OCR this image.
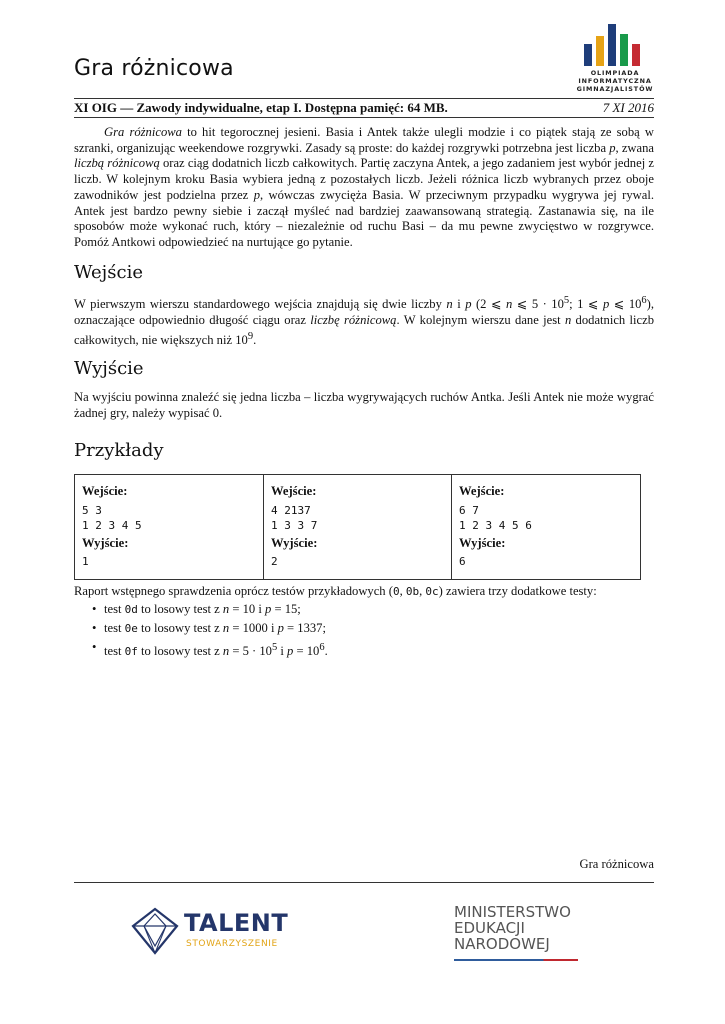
Gra różnicowa	OLIMPIADA
INFORMATYCZNA
GIMNAZJALISTÓW
XI OIG — Zawody indywidualne, etap I. Dostępna pamięć: 64 MB.	7 XI 2016
Gra różnicowa to hit tegorocznej jesieni. Basia i Antek także ulegli modzie i co piątek stają ze sobą w szranki, organizując weekendowe rozgrywki. Zasady są proste: do każdej rozgrywki potrzebna jest liczba p, zwana liczbą różnicową oraz ciąg dodatnich liczb całkowitych. Partię zaczyna Antek, a jego zadaniem jest wybór jednej z liczb. W kolejnym kroku Basia wybiera jedną z pozostałych liczb. Jeżeli różnica liczb wybranych przez oboje zawodników jest podzielna przez p, wówczas zwycięża Basia. W przeciwnym przypadku wygrywa jej rywal. Antek jest bardzo pewny siebie i zaczął myśleć nad bardziej zaawansowaną strategią. Zastanawia się, na ile sposobów może wykonać ruch, który – niezależnie od ruchu Basi – da mu pewne zwycięstwo w rozgrywce. Pomóż Antkowi odpowiedzieć na nurtujące go pytanie.
Wejście
W pierwszym wierszu standardowego wejścia znajdują się dwie liczby n i p (2 ⩽ n ⩽ $5 \cdot 10^5$; 1 ⩽ p ⩽ $10^6$), oznaczające odpowiednio długość ciągu oraz liczbę różnicową. W kolejnym wierszu dane jest n dodatnich liczb całkowitych, nie większych niż $10^9$.
Wyjście
Na wyjściu powinna znaleźć się jedna liczba – liczba wygrywających ruchów Antka. Jeśli Antek nie może wygrać żadnej gry, należy wypisać 0.
Przykłady
Wejście:
5 3
1 2 3 4 5
Wyjście:
1
Wejście:
4 2137
1 3 3 7
Wyjście:
2
Wejście:
6 7
1 2 3 4 5 6
Wyjście:
6
Raport wstępnego sprawdzenia oprócz testów przykładowych (0, 0b, 0c) zawiera trzy dodatkowe testy:
• test 0d to losowy test z n = 10 i p = 15;
• test 0e to losowy test z n = 1000 i p = 1337;
• test 0f to losowy test z $n = 5 \cdot 10^5$ i $p = 10^6$.
Gra różnicowa
TALENT
STOWARZYSZENIE
MINISTERSTWO
EDUKACJI
NARODOWEJ
